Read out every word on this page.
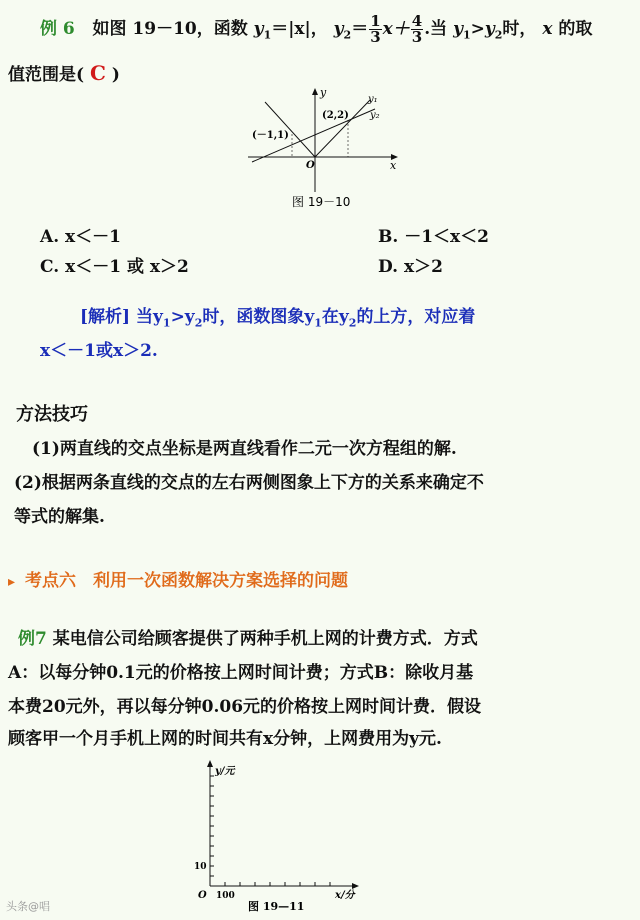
例 6 如图 19－10，函数 $y_1=|x|$， $y_2= \frac{1}{3} x+ \frac{4}{3}$ .当 $y_1>y_2$时， x 的取
值范围是( C )
y
x
O
y₁
y₂
(－1,1)
(2,2)
图 19－10
A. x＜－1	B. －1＜x＜2
C. x＜－1 或 x＞2	D. x＞2
[解析] 当$y_1>y_2$时，函数图象$y_1$在$y_2$的上方，对应着
x＜－1或x＞2.
方法技巧
(1)两直线的交点坐标是两直线看作二元一次方程组的解.
(2)根据两条直线的交点的左右两侧图象上下方的关系来确定不
等式的解集.
▸ 考点六　利用一次函数解决方案选择的问题
例7 某电信公司给顾客提供了两种手机上网的计费方式．方式
A：以每分钟0.1元的价格按上网时间计费；方式B：除收月基
本费20元外，再以每分钟0.06元的价格按上网时间计费．假设
顾客甲一个月手机上网的时间共有x分钟，上网费用为y元.
y/元
x/分
O 100
10
图 19—11
头条@唱
